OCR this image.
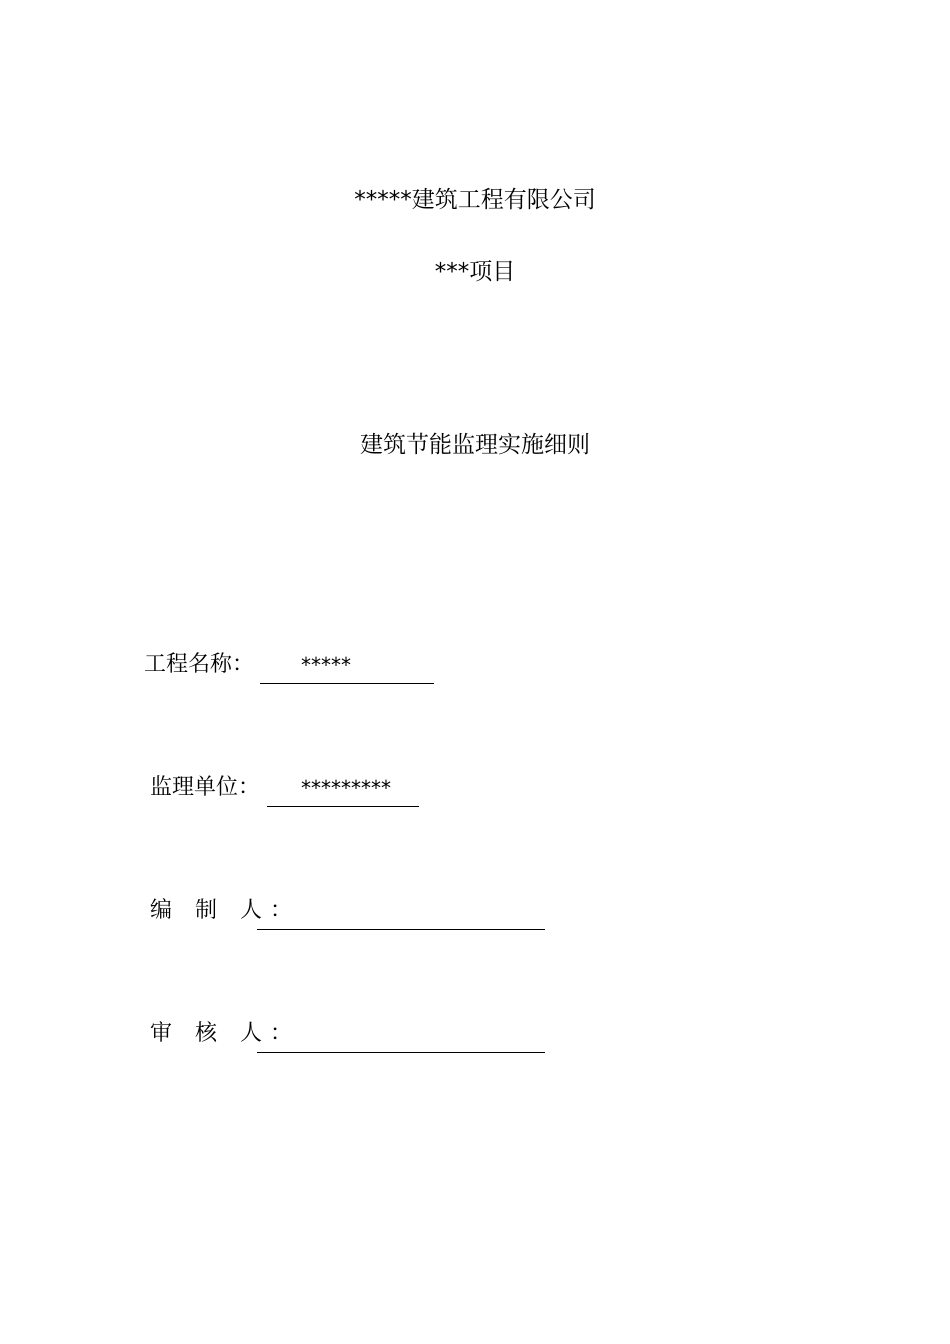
*****建筑工程有限公司
***项目
建筑节能监理实施细则
工程名称： *****
监理单位： *********
编 制 人：
审 核 人：
